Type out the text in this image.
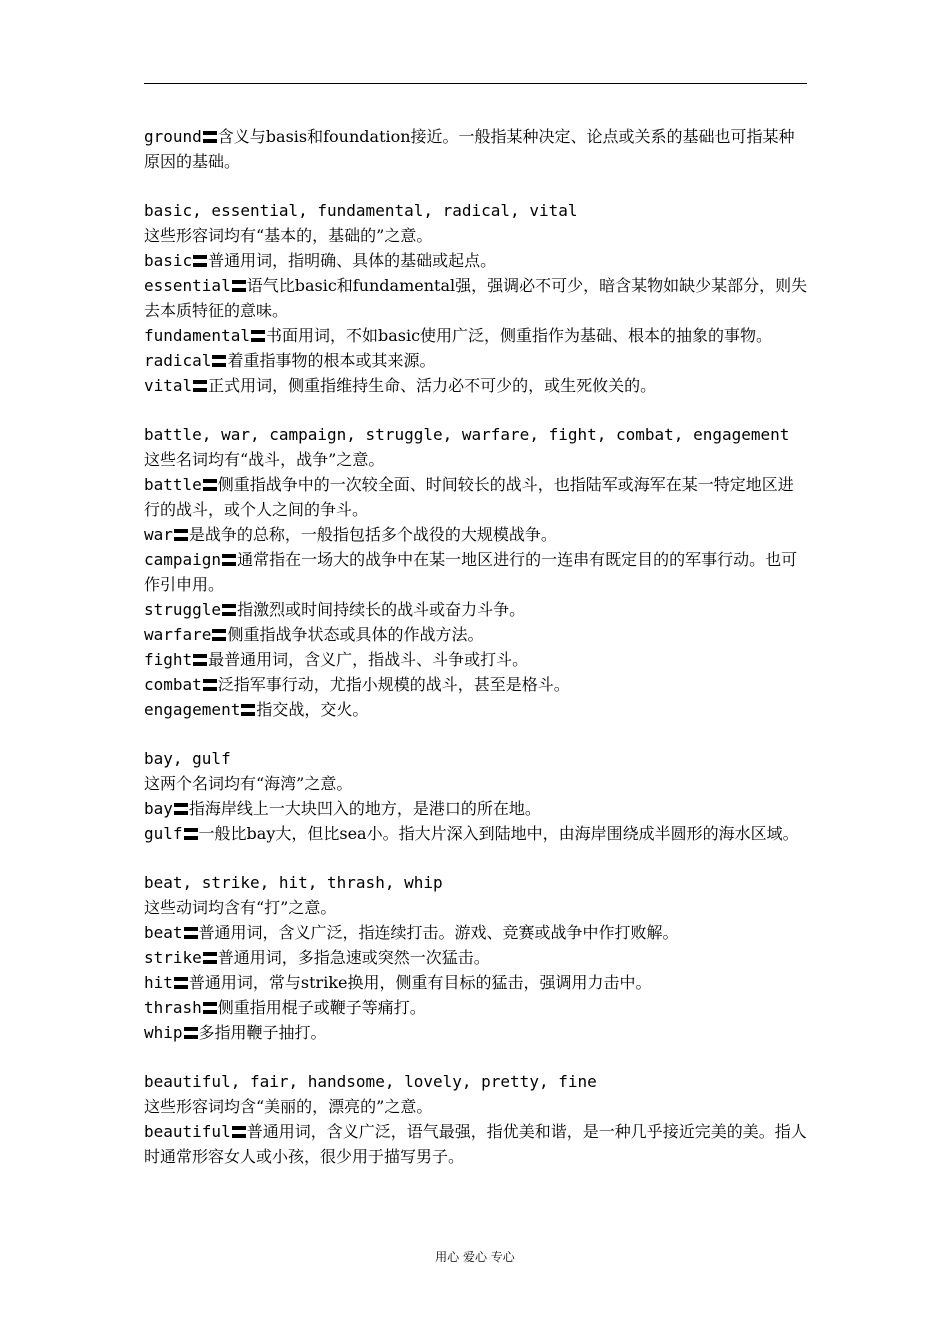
ground 含义与basis和foundation接近。一般指某种决定、论点或关系的基础也可指某种原因的基础。

basic, essential, fundamental, radical, vital

这些形容词均有“基本的，基础的”之意。

basic 普通用词，指明确、具体的基础或起点。

essential 语气比basic和fundamental强，强调必不可少，暗含某物如缺少某部分，则失去本质特征的意味。

fundamental 书面用词，不如basic使用广泛，侧重指作为基础、根本的抽象的事物。

radical 着重指事物的根本或其来源。

vital 正式用词，侧重指维持生命、活力必不可少的，或生死攸关的。

battle, war, campaign, struggle, warfare, fight, combat, engagement

这些名词均有“战斗，战争”之意。

battle 侧重指战争中的一次较全面、时间较长的战斗，也指陆军或海军在某一特定地区进行的战斗，或个人之间的争斗。

war 是战争的总称，一般指包括多个战役的大规模战争。

campaign 通常指在一场大的战争中在某一地区进行的一连串有既定目的的军事行动。也可作引申用。

struggle 指激烈或时间持续长的战斗或奋力斗争。

warfare 侧重指战争状态或具体的作战方法。

fight 最普通用词，含义广，指战斗、斗争或打斗。

combat 泛指军事行动，尤指小规模的战斗，甚至是格斗。

engagement 指交战，交火。

bay, gulf

这两个名词均有“海湾”之意。

bay 指海岸线上一大块凹入的地方，是港口的所在地。

gulf 一般比bay大，但比sea小。指大片深入到陆地中，由海岸围绕成半圆形的海水区域。

beat, strike, hit, thrash, whip

这些动词均含有“打”之意。

beat 普通用词，含义广泛，指连续打击。游戏、竞赛或战争中作打败解。

strike 普通用词，多指急速或突然一次猛击。

hit 普通用词，常与strike换用，侧重有目标的猛击，强调用力击中。

thrash 侧重指用棍子或鞭子等痛打。

whip 多指用鞭子抽打。

beautiful, fair, handsome, lovely, pretty, fine

这些形容词均含“美丽的，漂亮的”之意。

beautiful 普通用词，含义广泛，语气最强，指优美和谐，是一种几乎接近完美的美。指人时通常形容女人或小孩，很少用于描写男子。

用心 爱心 专心
